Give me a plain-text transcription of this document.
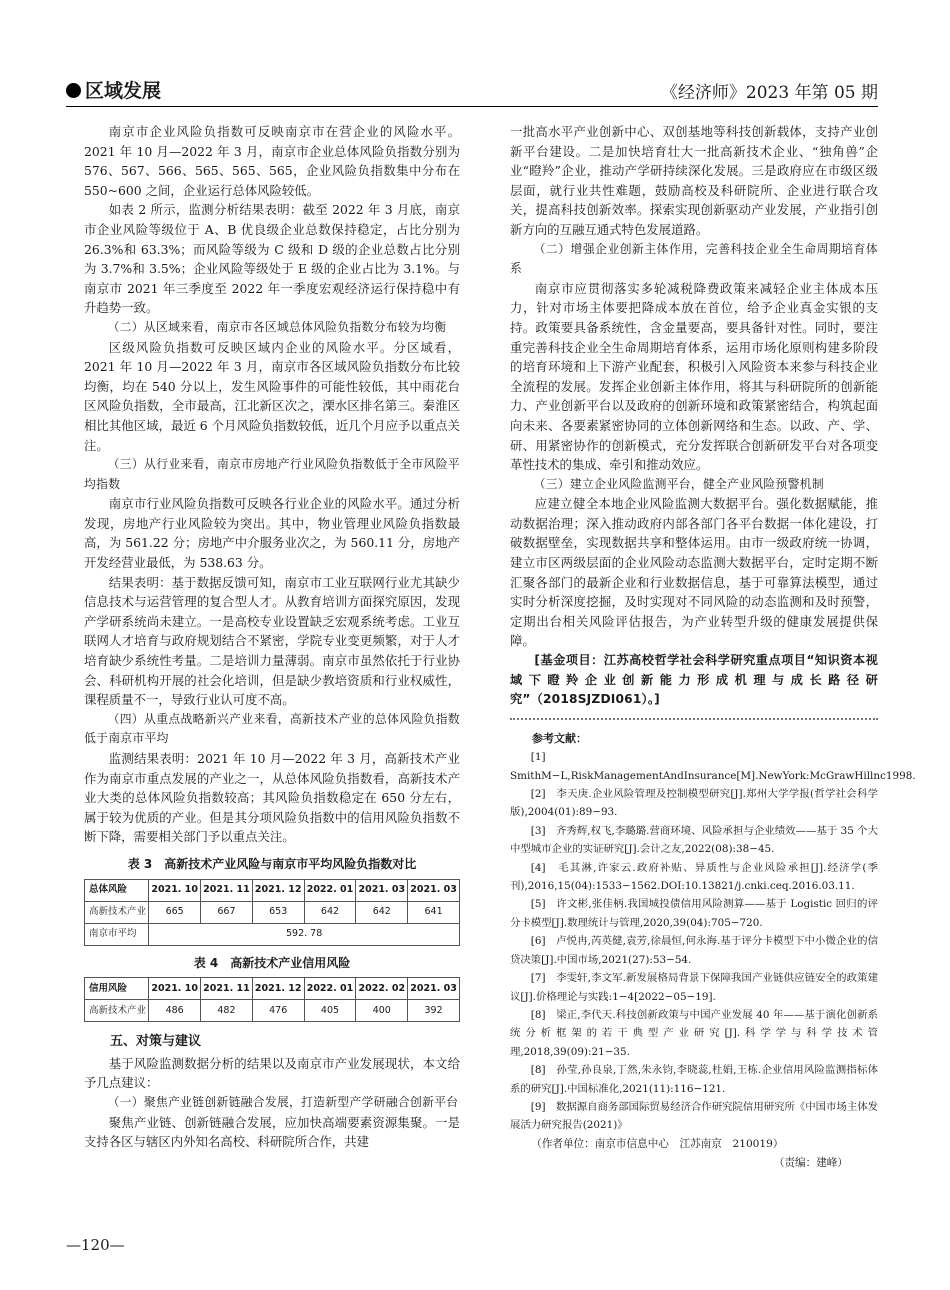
区域发展	《经济师》2023 年第 05 期

南京市企业风险负指数可反映南京市在营企业的风险水平。2021 年 10 月—2022 年 3 月，南京市企业总体风险负指数分别为 576、567、566、565、565、565，企业风险负指数集中分布在 550~600 之间，企业运行总体风险较低。

如表 2 所示，监测分析结果表明：截至 2022 年 3 月底，南京市企业风险等级位于 A、B 优良级企业总数保持稳定，占比分别为 26.3%和 63.3%；而风险等级为 C 级和 D 级的企业总数占比分别为 3.7%和 3.5%；企业风险等级处于 E 级的企业占比为 3.1%。与南京市 2021 年三季度至 2022 年一季度宏观经济运行保持稳中有升趋势一致。

（二）从区域来看，南京市各区域总体风险负指数分布较为均衡

区级风险负指数可反映区域内企业的风险水平。分区域看，2021 年 10 月—2022 年 3 月，南京市各区域风险负指数分布比较均衡，均在 540 分以上，发生风险事件的可能性较低，其中雨花台区风险负指数，全市最高，江北新区次之，溧水区排名第三。秦淮区相比其他区域，最近 6 个月风险负指数较低，近几个月应予以重点关注。

（三）从行业来看，南京市房地产行业风险负指数低于全市风险平均指数

南京市行业风险负指数可反映各行业企业的风险水平。通过分析发现，房地产行业风险较为突出。其中，物业管理业风险负指数最高，为 561.22 分；房地产中介服务业次之，为 560.11 分，房地产开发经营业最低，为 538.63 分。

结果表明：基于数据反馈可知，南京市工业互联网行业尤其缺少信息技术与运营管理的复合型人才。从教育培训方面探究原因，发现产学研系统尚未建立。一是高校专业设置缺乏宏观系统考虑。工业互联网人才培育与政府规划结合不紧密，学院专业变更频繁，对于人才培育缺少系统性考量。二是培训力量薄弱。南京市虽然依托于行业协会、科研机构开展的社会化培训，但是缺少教培资质和行业权威性，课程质量不一，导致行业认可度不高。

（四）从重点战略新兴产业来看，高新技术产业的总体风险负指数低于南京市平均

监测结果表明：2021 年 10 月—2022 年 3 月，高新技术产业作为南京市重点发展的产业之一，从总体风险负指数看，高新技术产业大类的总体风险负指数较高；其风险负指数稳定在 650 分左右，属于较为优质的产业。但是其分项风险负指数中的信用风险负指数不断下降，需要相关部门予以重点关注。

表 3　高新技术产业风险与南京市平均风险负指数对比
总体风险	2021. 10	2021. 11	2021. 12	2022. 01	2021. 03	2021. 03
高新技术产业	665	667	653	642	642	641
南京市平均	592. 78					
表 4　高新技术产业信用风险
信用风险	2021. 10	2021. 11	2021. 12	2022. 01	2022. 02	2021. 03
高新技术产业	486	482	476	405	400	392
五、对策与建议

基于风险监测数据分析的结果以及南京市产业发展现状，本文给予几点建议：

（一）聚焦产业链创新链融合发展，打造新型产学研融合创新平台

聚焦产业链、创新链融合发展，应加快高端要素资源集聚。一是支持各区与辖区内外知名高校、科研院所合作，共建

一批高水平产业创新中心、双创基地等科技创新载体，支持产业创新平台建设。二是加快培育壮大一批高新技术企业、“独角兽”企业“瞪羚”企业，推动产学研持续深化发展。三是政府应在市级区级层面，就行业共性难题，鼓励高校及科研院所、企业进行联合攻关，提高科技创新效率。探索实现创新驱动产业发展，产业指引创新方向的互融互通式特色发展道路。

（二）增强企业创新主体作用，完善科技企业全生命周期培育体系

南京市应贯彻落实多轮减税降费政策来减轻企业主体成本压力，针对市场主体要把降成本放在首位，给予企业真金实银的支持。政策要具备系统性，含金量要高，要具备针对性。同时，要注重完善科技企业全生命周期培育体系，运用市场化原则构建多阶段的培育环境和上下游产业配套，积极引入风险资本来参与科技企业全流程的发展。发挥企业创新主体作用，将其与科研院所的创新能力、产业创新平台以及政府的创新环境和政策紧密结合，构筑起面向未来、各要素紧密协同的立体创新网络和生态。以政、产、学、研、用紧密协作的创新模式，充分发挥联合创新研发平台对各项变革性技术的集成、牵引和推动效应。

（三）建立企业风险监测平台，健全产业风险预警机制

应建立健全本地企业风险监测大数据平台。强化数据赋能，推动数据治理；深入推动政府内部各部门各平台数据一体化建设，打破数据壁垒，实现数据共享和整体运用。由市一级政府统一协调，建立市区两级层面的企业风险动态监测大数据平台，定时定期不断汇聚各部门的最新企业和行业数据信息，基于可靠算法模型，通过实时分析深度挖掘，及时实现对不同风险的动态监测和及时预警，定期出台相关风险评估报告，为产业转型升级的健康发展提供保障。

[基金项目：江苏高校哲学社会科学研究重点项目“知识资本视域下瞪羚企业创新能力形成机理与成长路径研究”（2018SJZDI061）。]

参考文献：

[1]　SmithM−L,RiskManagementAndInsurance[M].NewYork:McGrawHillnc1998.

[2]　李天庚.企业风险管理及控制模型研究[J].郑州大学学报(哲学社会科学版),2004(01):89−93.

[3]　齐秀辉,权飞,李璐璐.营商环境、风险承担与企业绩效——基于 35 个大中型城市企业的实证研究[J].会计之友,2022(08):38−45.

[4]　毛其淋,许家云.政府补贴、异质性与企业风险承担[J].经济学(季刊),2016,15(04):1533−1562.DOI:10.13821/j.cnki.ceq.2016.03.11.

[5]　许文彬,张佳柄.我国城投债信用风险测算——基于 Logistic 回归的评分卡模型[J].数理统计与管理,2020,39(04):705−720.

[6]　卢悦冉,芮英健,袁芳,徐晨恒,何永海.基于评分卡模型下中小微企业的信贷决策[J].中国市场,2021(27):53−54.

[7]　李雯轩,李文军.新发展格局背景下保障我国产业链供应链安全的政策建议[J].价格理论与实践:1−4[2022−05−19].

[8]　梁正,李代天.科技创新政策与中国产业发展 40 年——基于演化创新系统分析框架的若干典型产业研究[J].科学学与科学技术管理,2018,39(09):21−35.

[8]　孙莹,孙良泉,丁然,朱永钧,李晓蕊,杜娟,王栋.企业信用风险监测指标体系的研究[J].中国标准化,2021(11):116−121.

[9]　数据源自商务部国际贸易经济合作研究院信用研究所《中国市场主体发展活力研究报告(2021)》

（作者单位：南京市信息中心　江苏南京　210019）

（责编：建峰）

—120—
